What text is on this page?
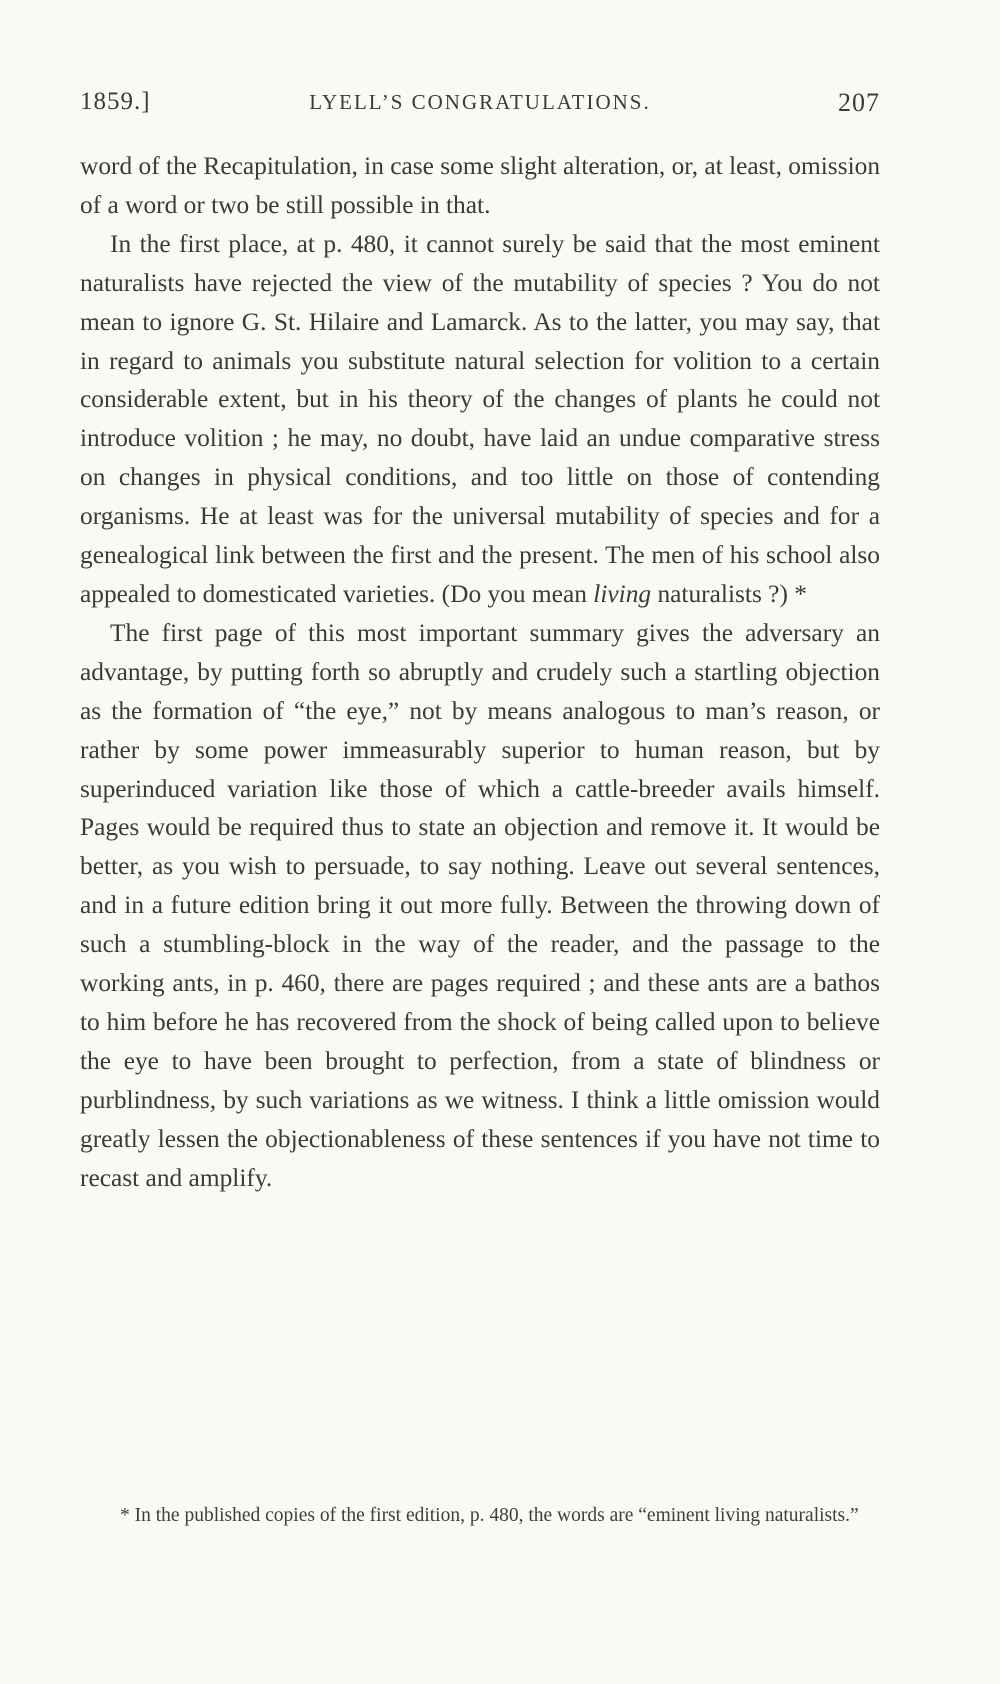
1859.]	LYELL’S CONGRATULATIONS.	207

word of the Recapitulation, in case some slight alteration, or, at least, omission of a word or two be still possible in that.

In the first place, at p. 480, it cannot surely be said that the most eminent naturalists have rejected the view of the mutability of species ? You do not mean to ignore G. St. Hilaire and Lamarck. As to the latter, you may say, that in regard to animals you substitute natural selection for volition to a certain considerable extent, but in his theory of the changes of plants he could not introduce volition ; he may, no doubt, have laid an undue comparative stress on changes in physical conditions, and too little on those of contending organisms. He at least was for the universal mutability of species and for a genealogical link between the first and the present. The men of his school also appealed to domesticated varieties. (Do you mean living naturalists ?) *

The first page of this most important summary gives the adversary an advantage, by putting forth so abruptly and crudely such a startling objection as the formation of “the eye,” not by means analogous to man’s reason, or rather by some power immeasurably superior to human reason, but by superinduced variation like those of which a cattle-breeder avails himself. Pages would be required thus to state an objection and remove it. It would be better, as you wish to persuade, to say nothing. Leave out several sentences, and in a future edition bring it out more fully. Between the throwing down of such a stumbling-block in the way of the reader, and the passage to the working ants, in p. 460, there are pages required ; and these ants are a bathos to him before he has recovered from the shock of being called upon to believe the eye to have been brought to perfection, from a state of blindness or purblindness, by such variations as we witness. I think a little omission would greatly lessen the objectionableness of these sentences if you have not time to recast and amplify.

* In the published copies of the first edition, p. 480, the words are “eminent living naturalists.”
